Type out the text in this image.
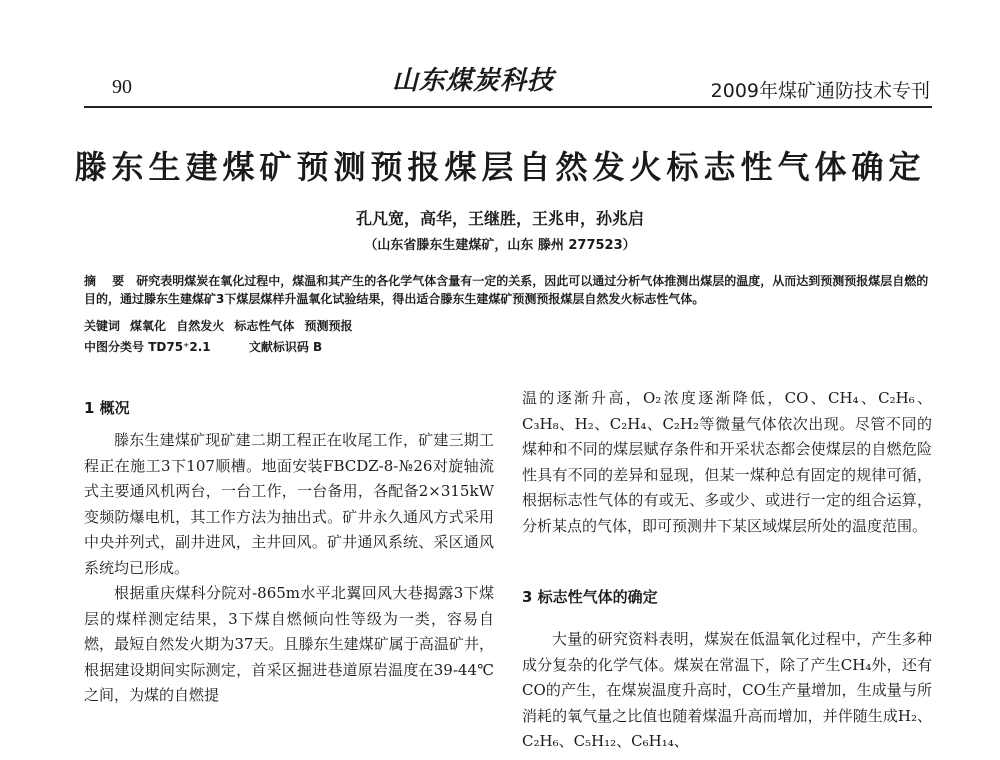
90	山东煤炭科技	2009年煤矿通防技术专刊
滕东生建煤矿预测预报煤层自然发火标志性气体确定
孔凡宽，高华，王继胜，王兆申，孙兆启
（山东省滕东生建煤矿，山东 滕州 277523）
摘 要 研究表明煤炭在氧化过程中，煤温和其产生的各化学气体含量有一定的关系，因此可以通过分析气体推测出煤层的温度，从而达到预测预报煤层自燃的目的，通过滕东生建煤矿3下煤层煤样升温氧化试验结果，得出适合滕东生建煤矿预测预报煤层自然发火标志性气体。
关键词 煤氧化 自然发火 标志性气体 预测预报
中图分类号 TD75⁺2.1	文献标识码 B
1 概况

滕东生建煤矿现矿建二期工程正在收尾工作，矿建三期工程正在施工3下107顺槽。地面安装FBCDZ-8-№26对旋轴流式主要通风机两台，一台工作，一台备用，各配备2×315kW变频防爆电机，其工作方法为抽出式。矿井永久通风方式采用中央并列式，副井进风，主井回风。矿井通风系统、采区通风系统均已形成。

根据重庆煤科分院对-865m水平北翼回风大巷揭露3下煤层的煤样测定结果，3下煤自燃倾向性等级为一类，容易自燃，最短自然发火期为37天。且滕东生建煤矿属于高温矿井，根据建设期间实际测定，首采区掘进巷道原岩温度在39-44℃之间，为煤的自燃提

温的逐渐升高，O₂浓度逐渐降低，CO、CH₄、C₂H₆、C₃H₈、H₂、C₂H₄、C₂H₂等微量气体依次出现。尽管不同的煤种和不同的煤层赋存条件和开采状态都会使煤层的自燃危险性具有不同的差异和显现，但某一煤种总有固定的规律可循，根据标志性气体的有或无、多或少、或进行一定的组合运算，分析某点的气体，即可预测井下某区域煤层所处的温度范围。

3 标志性气体的确定

大量的研究资料表明，煤炭在低温氧化过程中，产生多种成分复杂的化学气体。煤炭在常温下，除了产生CH₄外，还有CO的产生，在煤炭温度升高时，CO生产量增加，生成量与所消耗的氧气量之比值也随着煤温升高而增加，并伴随生成H₂、C₂H₆、C₅H₁₂、C₆H₁₄、
